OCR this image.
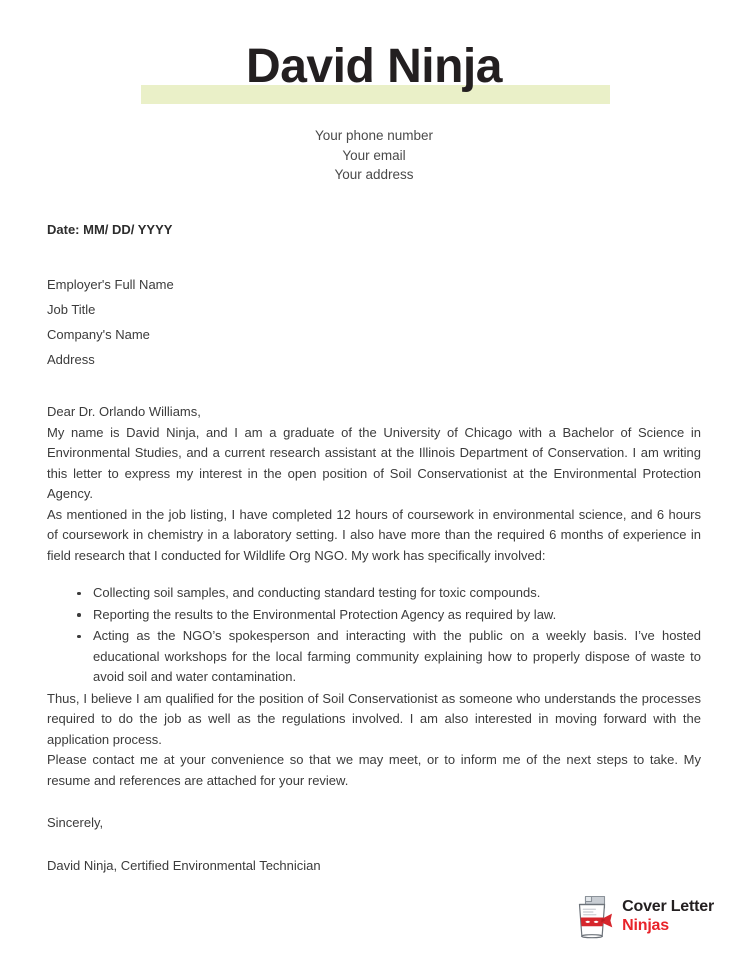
David Ninja
Your phone number
Your email
Your address
Date: MM/ DD/ YYYY
Employer's Full Name
Job Title
Company's Name
Address
Dear Dr. Orlando Williams,

My name is David Ninja, and I am a graduate of the University of Chicago with a Bachelor of Science in Environmental Studies, and a current research assistant at the Illinois Department of Conservation. I am writing this letter to express my interest in the open position of Soil Conservationist at the Environmental Protection Agency.

As mentioned in the job listing, I have completed 12 hours of coursework in environmental science, and 6 hours of coursework in chemistry in a laboratory setting. I also have more than the required 6 months of experience in field research that I conducted for Wildlife Org NGO. My work has specifically involved:

Collecting soil samples, and conducting standard testing for toxic compounds.
Reporting the results to the Environmental Protection Agency as required by law.
Acting as the NGO’s spokesperson and interacting with the public on a weekly basis. I’ve hosted educational workshops for the local farming community explaining how to properly dispose of waste to avoid soil and water contamination.

Thus, I believe I am qualified for the position of Soil Conservationist as someone who understands the processes required to do the job as well as the regulations involved. I am also interested in moving forward with the application process.

Please contact me at your convenience so that we may meet, or to inform me of the next steps to take. My resume and references are attached for your review.

Sincerely,
David Ninja, Certified Environmental Technician
Cover Letter
Ninjas
